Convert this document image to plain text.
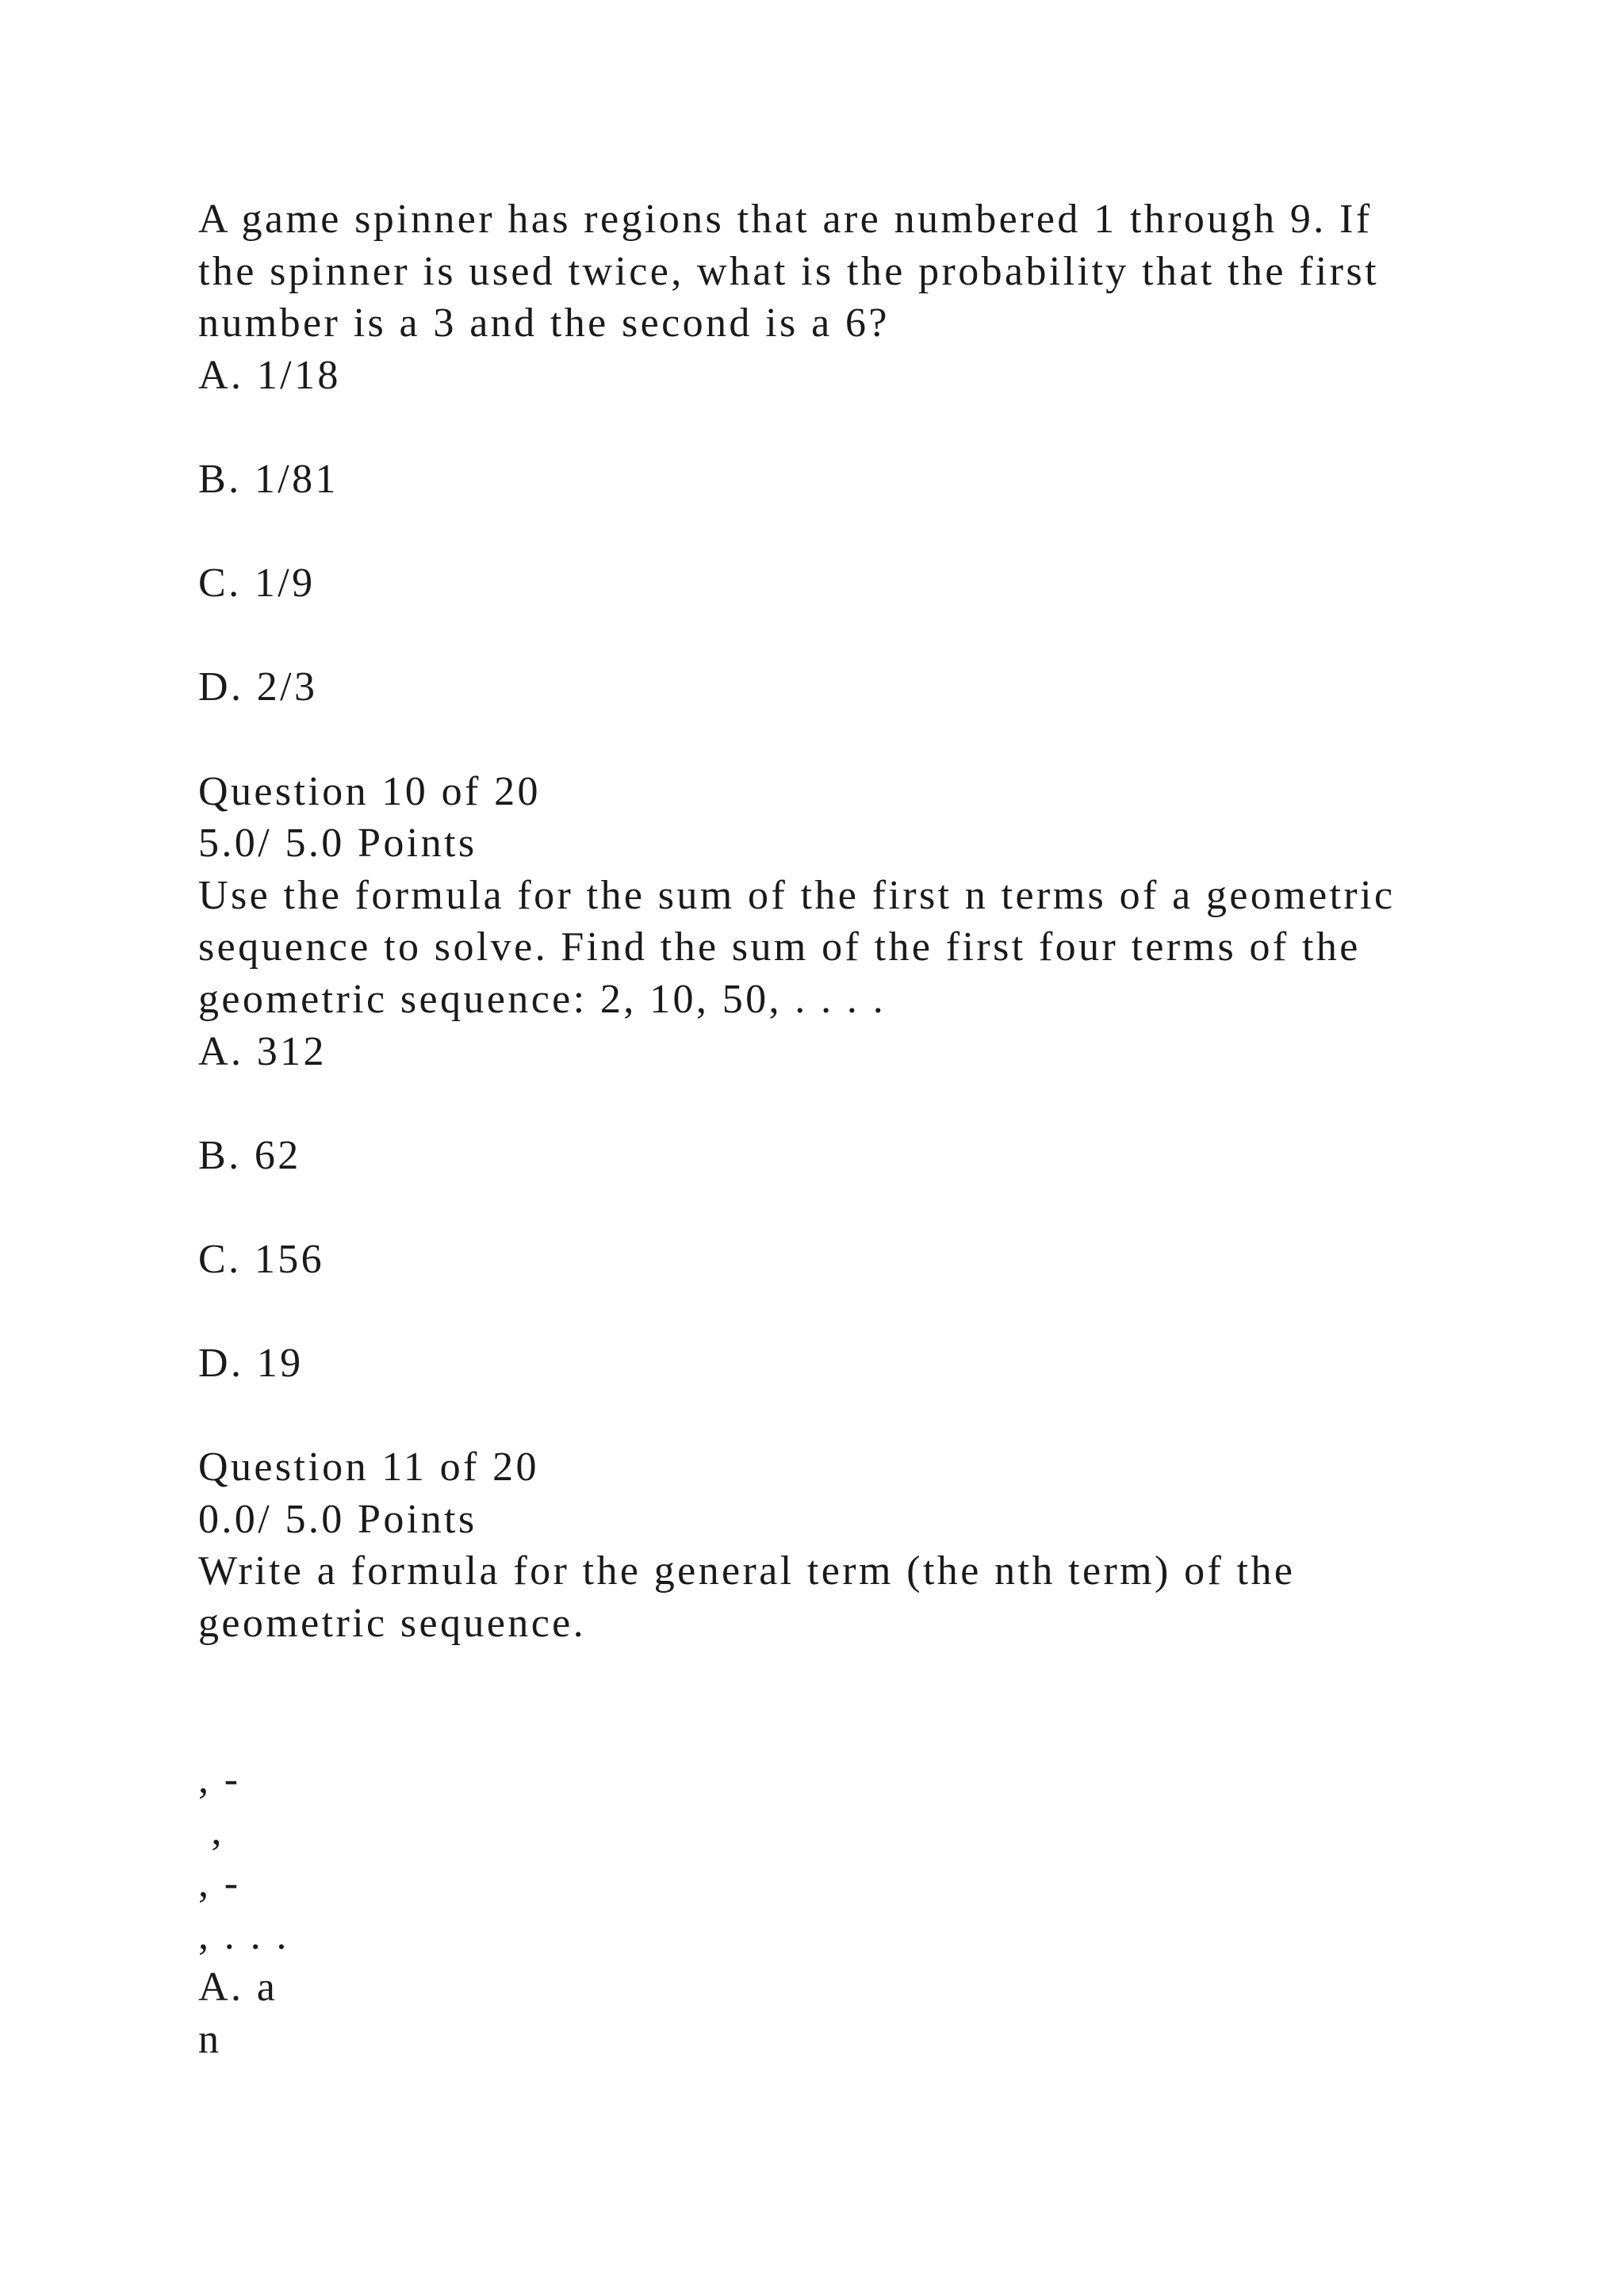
A game spinner has regions that are numbered 1 through 9. If
the spinner is used twice, what is the probability that the first
number is a 3 and the second is a 6?
A. 1/18
B. 1/81
C. 1/9
D. 2/3
Question 10 of 20
5.0/ 5.0 Points
Use the formula for the sum of the first n terms of a geometric
sequence to solve. Find the sum of the first four terms of the
geometric sequence: 2, 10, 50, . . . .
A. 312
B. 62
C. 156
D. 19
Question 11 of 20
0.0/ 5.0 Points
Write a formula for the general term (the nth term) of the
geometric sequence.
, -
,
, -
, . . .
A. a
n
